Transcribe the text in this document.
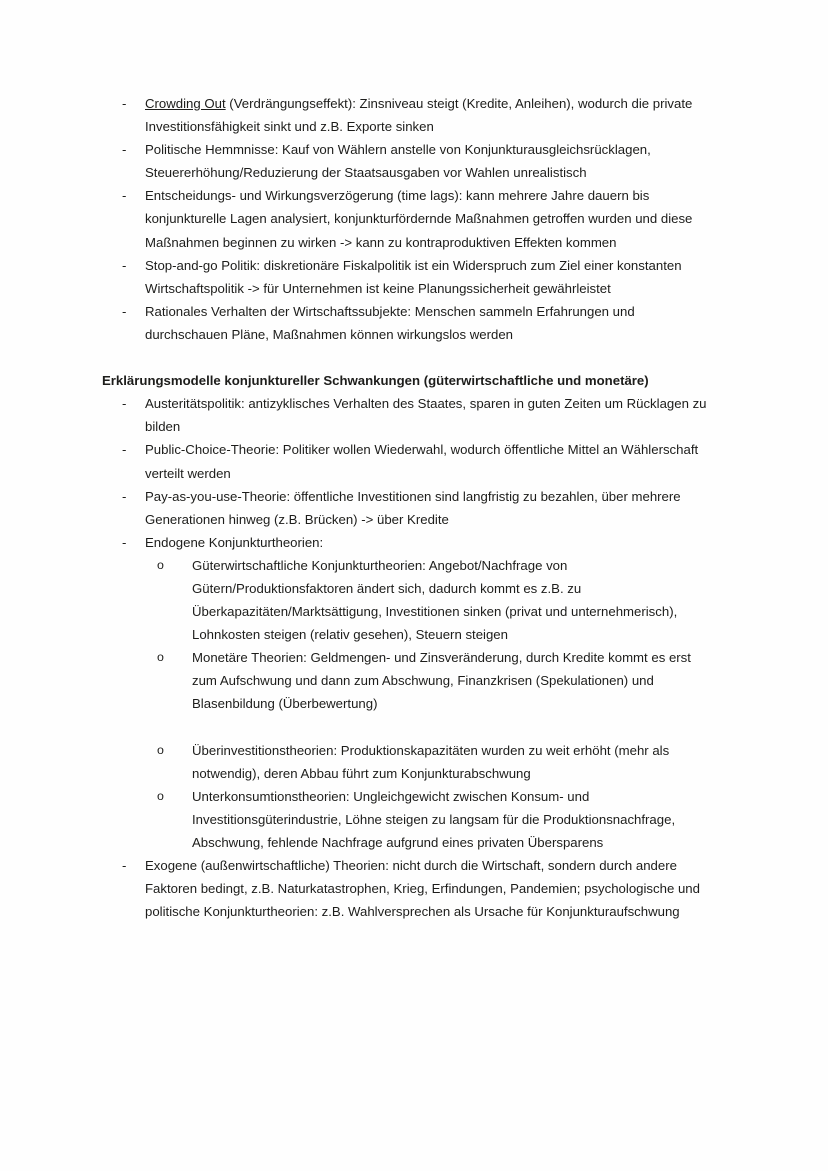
-	Crowding Out (Verdrängungseffekt): Zinsniveau steigt (Kredite, Anleihen), wodurch die private Investitionsfähigkeit sinkt und z.B. Exporte sinken
-	Politische Hemmnisse: Kauf von Wählern anstelle von Konjunkturausgleichsrücklagen, Steuererhöhung/Reduzierung der Staatsausgaben vor Wahlen unrealistisch
-	Entscheidungs- und Wirkungsverzögerung (time lags): kann mehrere Jahre dauern bis konjunkturelle Lagen analysiert, konjunkturfördernde Maßnahmen getroffen wurden und diese Maßnahmen beginnen zu wirken -> kann zu kontraproduktiven Effekten kommen
-	Stop-and-go Politik: diskretionäre Fiskalpolitik ist ein Widerspruch zum Ziel einer konstanten Wirtschaftspolitik -> für Unternehmen ist keine Planungssicherheit gewährleistet
-	Rationales Verhalten der Wirtschaftssubjekte: Menschen sammeln Erfahrungen und durchschauen Pläne, Maßnahmen können wirkungslos werden

Erklärungsmodelle konjunktureller Schwankungen (güterwirtschaftliche und monetäre)

-	Austeritätspolitik: antizyklisches Verhalten des Staates, sparen in guten Zeiten um Rücklagen zu bilden
-	Public-Choice-Theorie: Politiker wollen Wiederwahl, wodurch öffentliche Mittel an Wählerschaft verteilt werden
-	Pay-as-you-use-Theorie: öffentliche Investitionen sind langfristig zu bezahlen, über mehrere Generationen hinweg (z.B. Brücken) -> über Kredite
-	Endogene Konjunkturtheorien:
o	Güterwirtschaftliche Konjunkturtheorien: Angebot/Nachfrage von Gütern/Produktionsfaktoren ändert sich, dadurch kommt es z.B. zu Überkapazitäten/Marktsättigung, Investitionen sinken (privat und unternehmerisch), Lohnkosten steigen (relativ gesehen), Steuern steigen
o	Monetäre Theorien: Geldmengen- und Zinsveränderung, durch Kredite kommt es erst zum Aufschwung und dann zum Abschwung, Finanzkrisen (Spekulationen) und Blasenbildung (Überbewertung)
o	Überinvestitionstheorien: Produktionskapazitäten wurden zu weit erhöht (mehr als notwendig), deren Abbau führt zum Konjunkturabschwung
o	Unterkonsumtionstheorien: Ungleichgewicht zwischen Konsum- und Investitionsgüterindustrie, Löhne steigen zu langsam für die Produktionsnachfrage, Abschwung, fehlende Nachfrage aufgrund eines privaten Übersparens
-	Exogene (außenwirtschaftliche) Theorien: nicht durch die Wirtschaft, sondern durch andere Faktoren bedingt, z.B. Naturkatastrophen, Krieg, Erfindungen, Pandemien; psychologische und politische Konjunkturtheorien: z.B. Wahlversprechen als Ursache für Konjunkturaufschwung
